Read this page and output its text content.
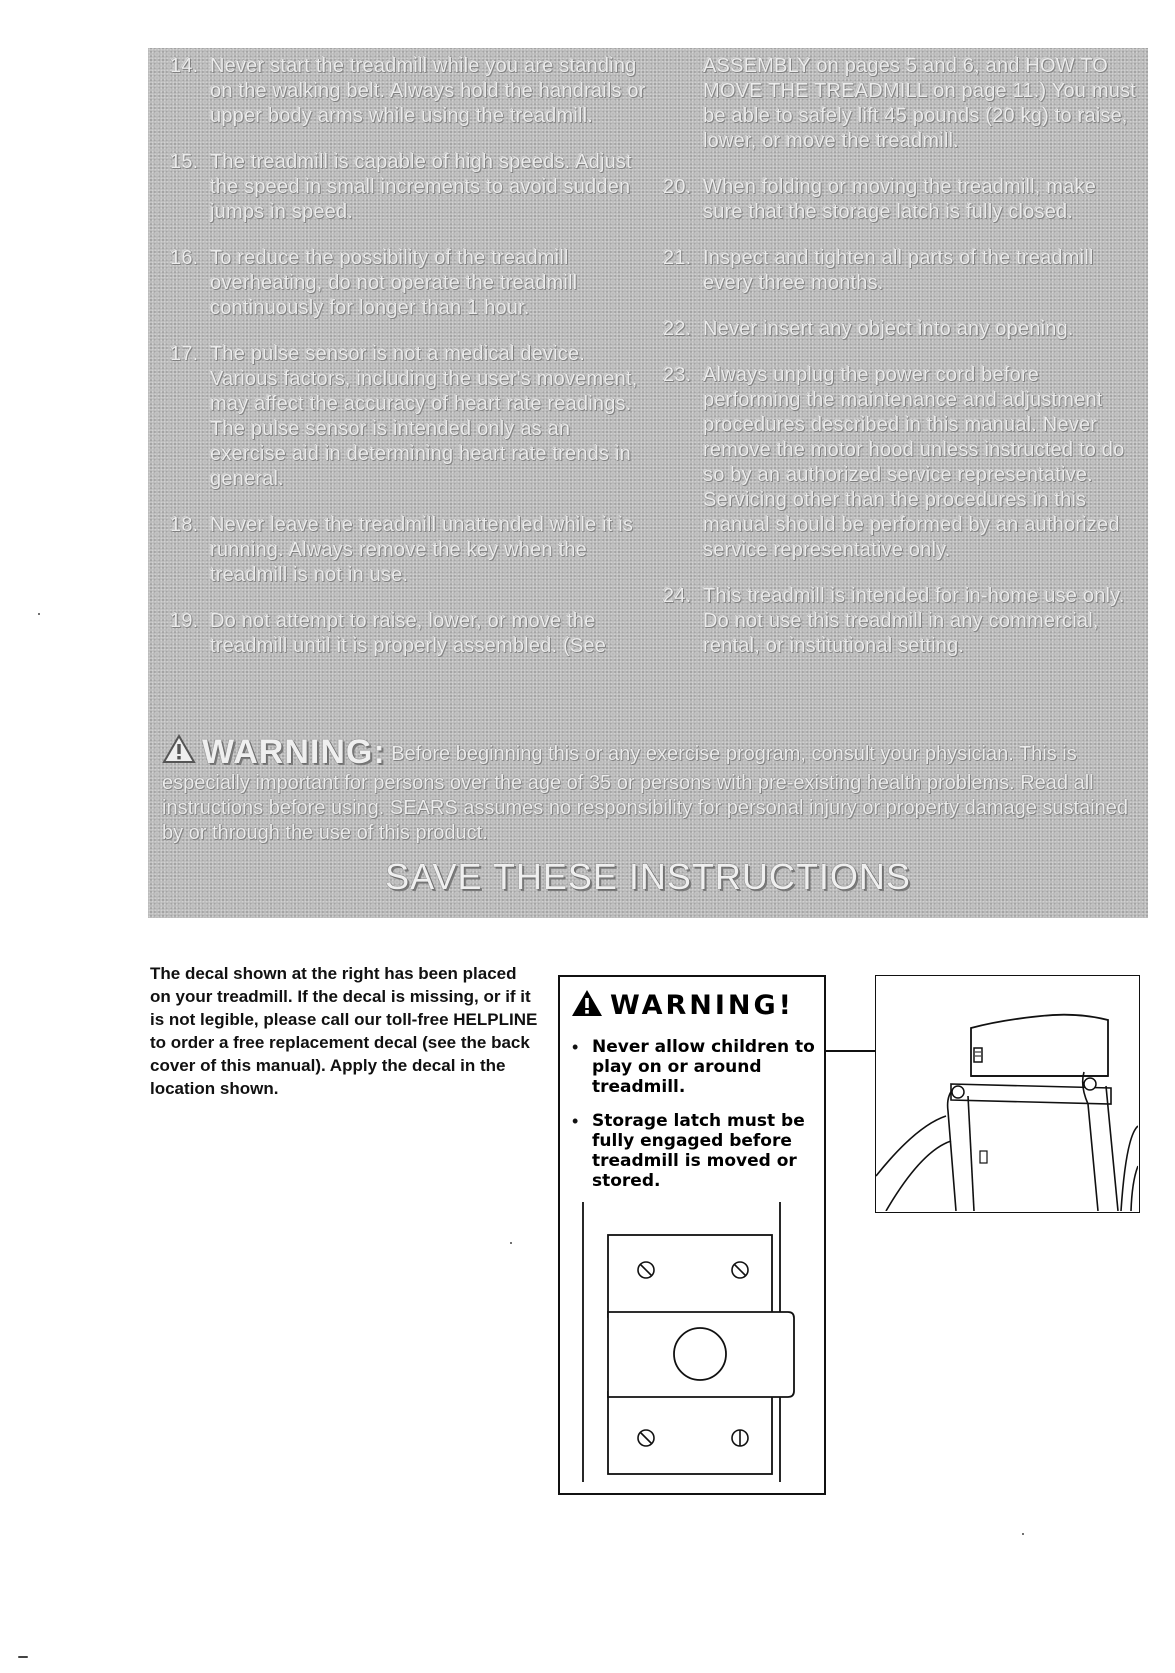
14. Never start the treadmill while you are standing on the walking belt. Always hold the handrails or upper body arms while using the treadmill.
15. The treadmill is capable of high speeds. Adjust the speed in small increments to avoid sudden jumps in speed.
16. To reduce the possibility of the treadmill overheating, do not operate the treadmill continuously for longer than 1 hour.
17. The pulse sensor is not a medical device. Various factors, including the user's movement, may affect the accuracy of heart rate readings. The pulse sensor is intended only as an exercise aid in determining heart rate trends in general.
18. Never leave the treadmill unattended while it is running. Always remove the key when the treadmill is not in use.
19. Do not attempt to raise, lower, or move the treadmill until it is properly assembled. (See
ASSEMBLY on pages 5 and 6, and HOW TO MOVE THE TREADMILL on page 11.) You must be able to safely lift 45 pounds (20 kg) to raise, lower, or move the treadmill.
20. When folding or moving the treadmill, make sure that the storage latch is fully closed.
21. Inspect and tighten all parts of the treadmill every three months.
22. Never insert any object into any opening.
23. Always unplug the power cord before performing the maintenance and adjustment procedures described in this manual. Never remove the motor hood unless instructed to do so by an authorized service representative. Servicing other than the procedures in this manual should be performed by an authorized service representative only.
24. This treadmill is intended for in-home use only. Do not use this treadmill in any commercial, rental, or institutional setting.
WARNING: Before beginning this or any exercise program, consult your physician. This is especially important for persons over the age of 35 or persons with pre-existing health problems. Read all instructions before using. SEARS assumes no responsibility for personal injury or property damage sustained by or through the use of this product.
SAVE THESE INSTRUCTIONS
The decal shown at the right has been placed on your treadmill. If the decal is missing, or if it is not legible, please call our toll-free HELPLINE to order a free replacement decal (see the back cover of this manual). Apply the decal in the location shown.
WARNING!
• Never allow children to play on or around treadmill.
• Storage latch must be fully engaged before treadmill is moved or stored.
